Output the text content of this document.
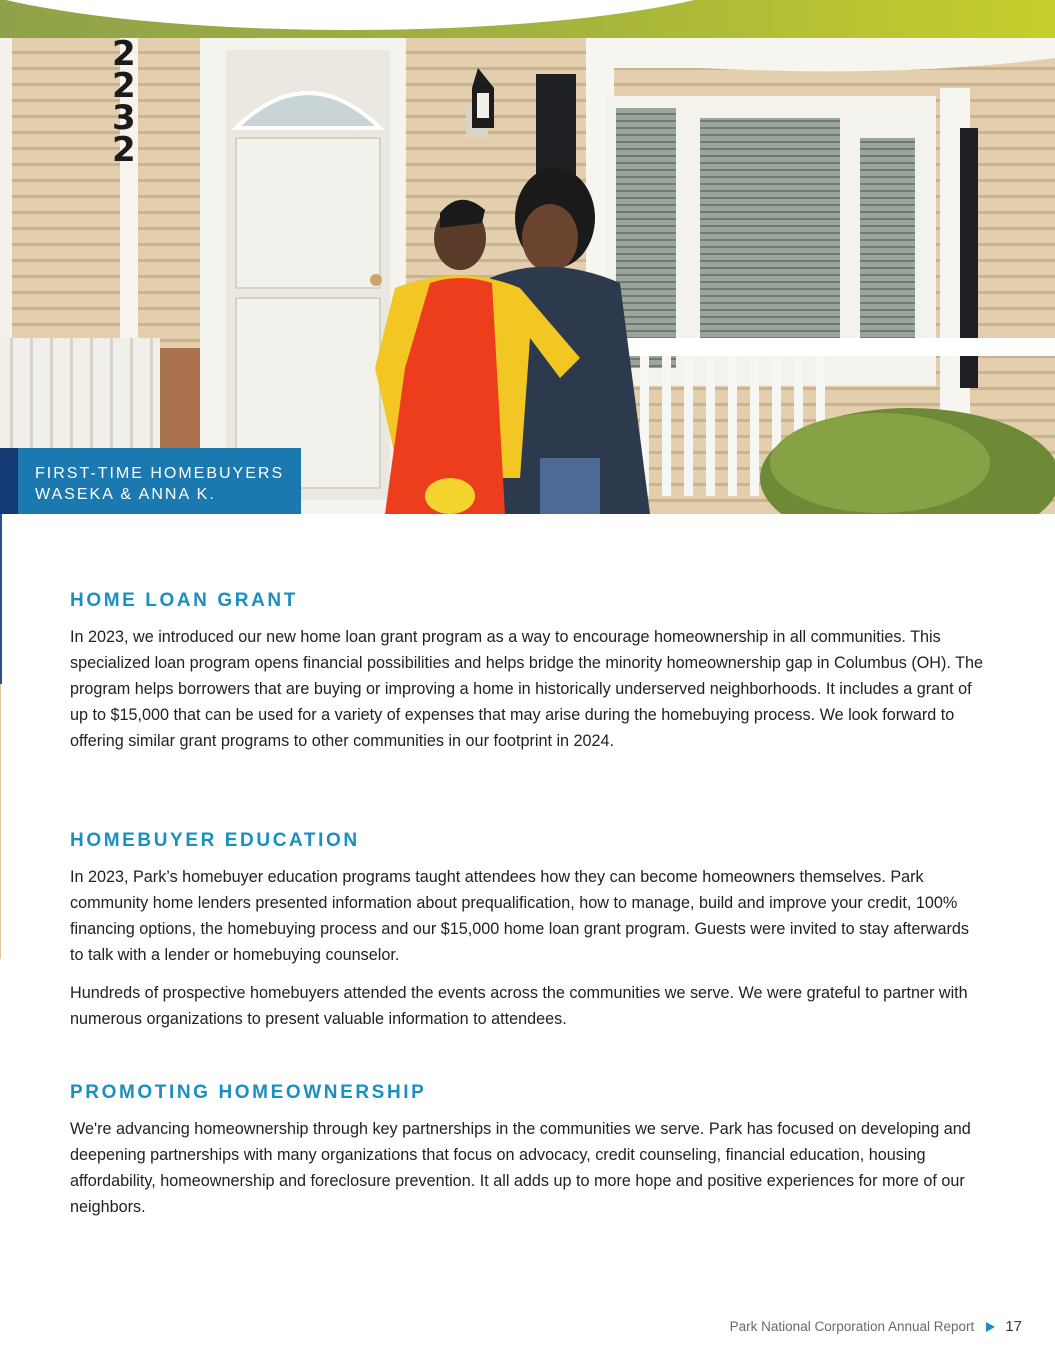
2232
FIRST-TIME HOMEBUYERS
WASEKA & ANNA K.
HOME LOAN GRANT

In 2023, we introduced our new home loan grant program as a way to encourage homeownership in all communities. This specialized loan program opens financial possibilities and helps bridge the minority homeownership gap in Columbus (OH). The program helps borrowers that are buying or improving a home in historically underserved neighborhoods. It includes a grant of up to $15,000 that can be used for a variety of expenses that may arise during the homebuying process. We look forward to offering similar grant programs to other communities in our footprint in 2024.

HOMEBUYER EDUCATION

In 2023, Park’s homebuyer education programs taught attendees how they can become homeowners themselves. Park community home lenders presented information about prequalification, how to manage, build and improve your credit, 100% financing options, the homebuying process and our $15,000 home loan grant program. Guests were invited to stay afterwards to talk with a lender or homebuying counselor.

Hundreds of prospective homebuyers attended the events across the communities we serve. We were grateful to partner with numerous organizations to present valuable information to attendees.

PROMOTING HOMEOWNERSHIP

We're advancing homeownership through key partnerships in the communities we serve. Park has focused on developing and deepening partnerships with many organizations that focus on advocacy, credit counseling, financial education, housing affordability, homeownership and foreclosure prevention. It all adds up to more hope and positive experiences for more of our neighbors.

Park National Corporation Annual Report 17
